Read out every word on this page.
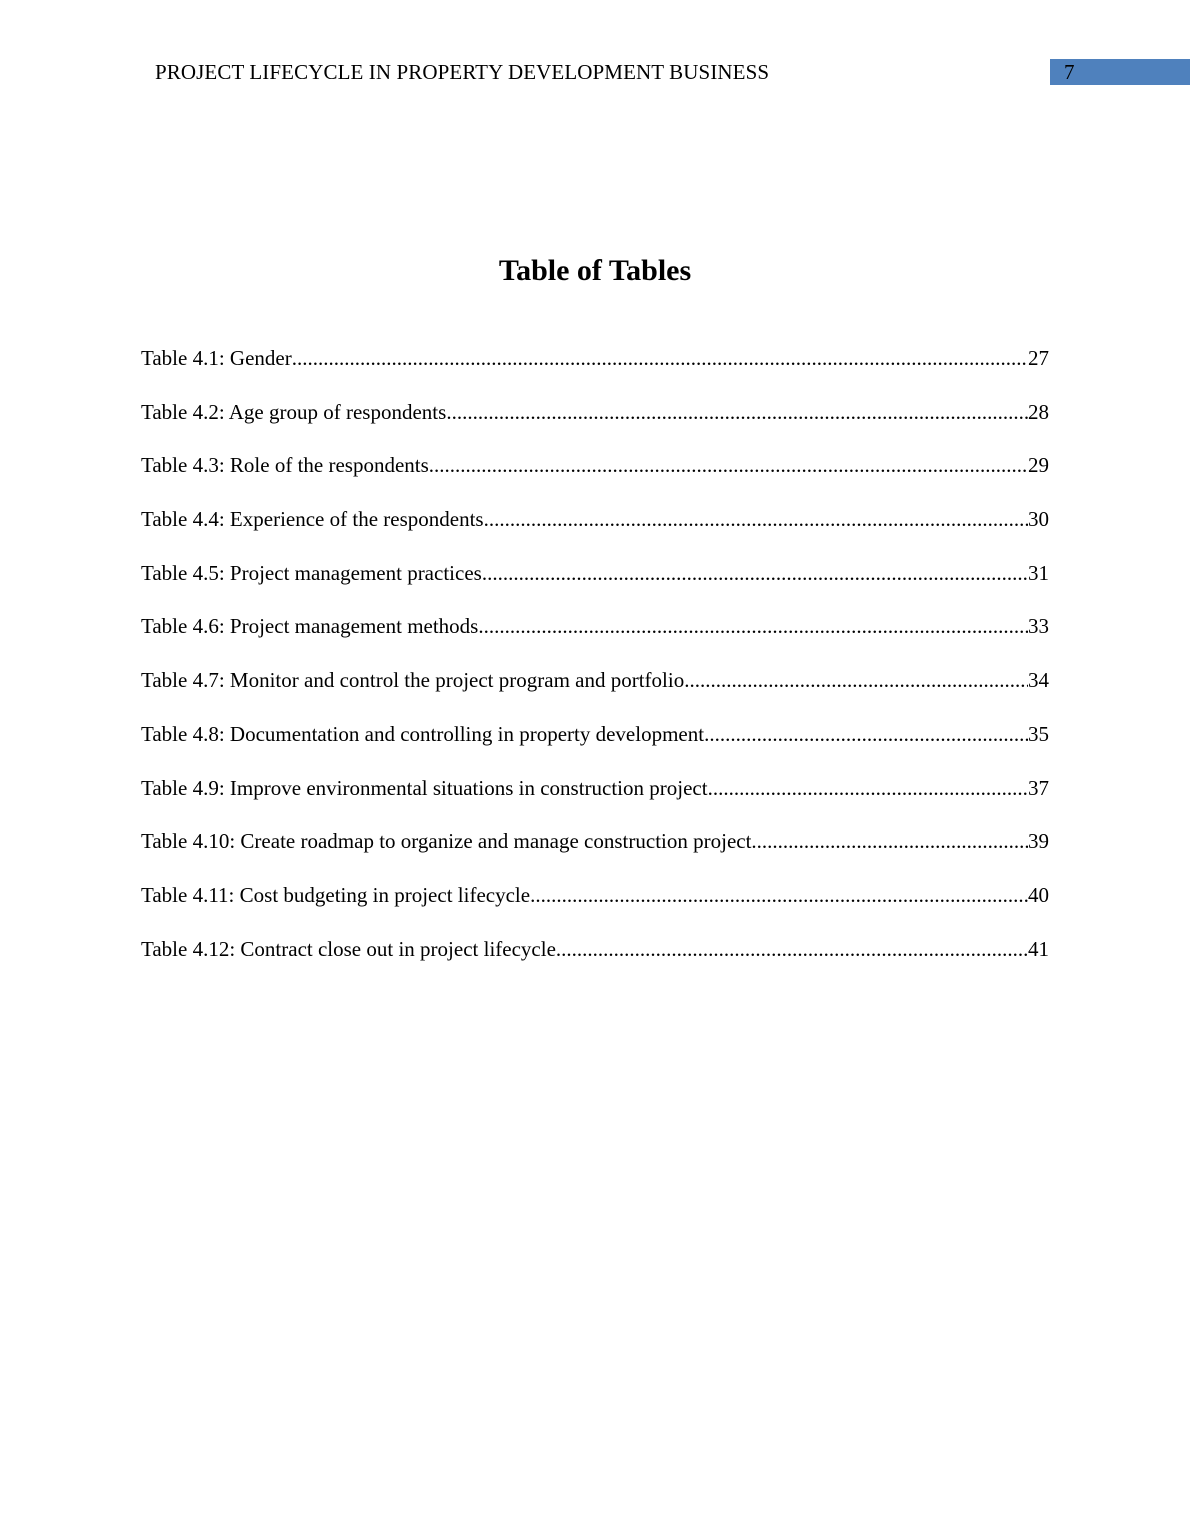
PROJECT LIFECYCLE IN PROPERTY DEVELOPMENT BUSINESS	7
Table of Tables
Table 4.1: Gender .....	27
Table 4.2: Age group of respondents .....	28
Table 4.3: Role of the respondents .....	29
Table 4.4: Experience of the respondents .....	30
Table 4.5: Project management practices .....	31
Table 4.6: Project management methods .....	33
Table 4.7: Monitor and control the project program and portfolio .....	34
Table 4.8: Documentation and controlling in property development .....	35
Table 4.9: Improve environmental situations in construction project .....	37
Table 4.10: Create roadmap to organize and manage construction project .....	39
Table 4.11: Cost budgeting in project lifecycle .....	40
Table 4.12: Contract close out in project lifecycle .....	41
